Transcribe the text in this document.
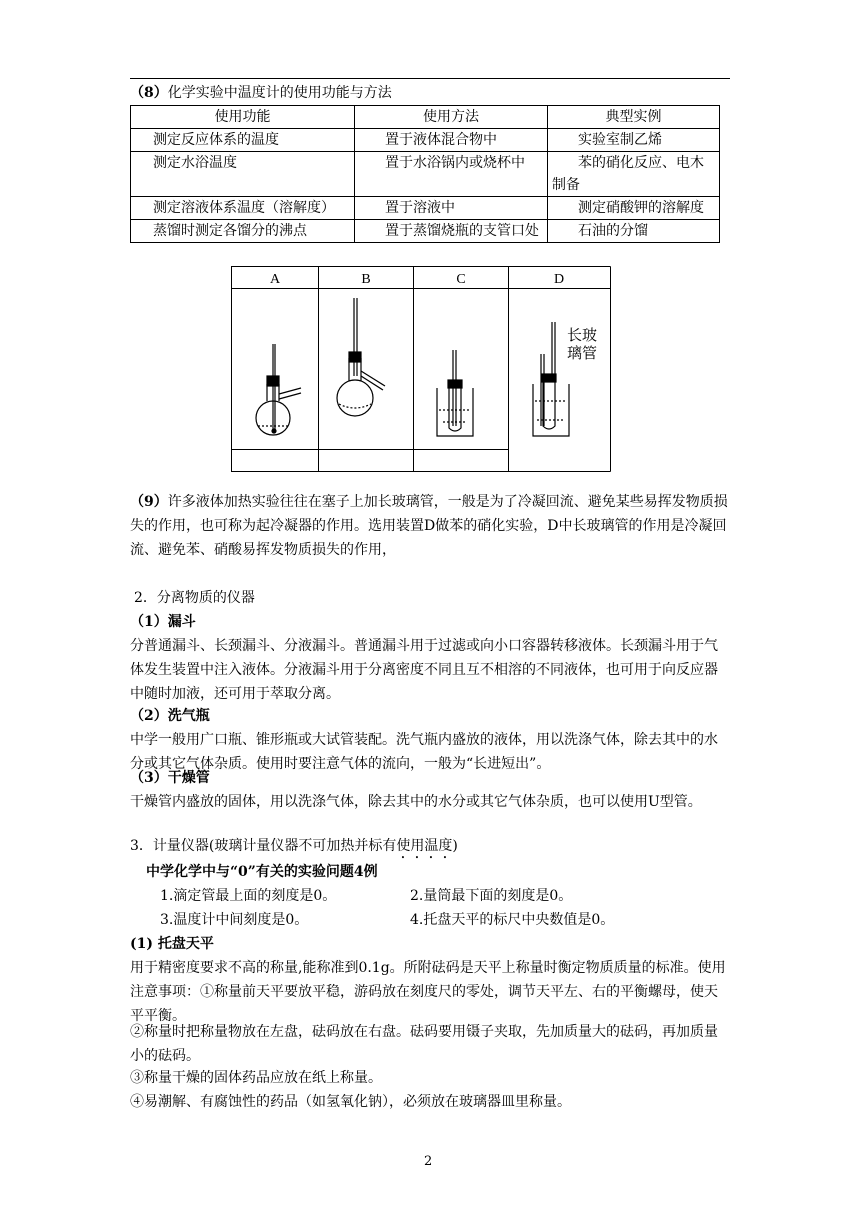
（8）化学实验中温度计的使用功能与方法
使用功能	使用方法	典型实例
测定反应体系的温度	置于液体混合物中	实验室制乙烯
测定水浴温度	置于水浴锅内或烧杯中	苯的硝化反应、电木制备
测定溶液体系温度（溶解度）	置于溶液中	测定硝酸钾的溶解度
蒸馏时测定各馏分的沸点	置于蒸馏烧瓶的支管口处	石油的分馏
A	B	C	D
长玻
璃管
（9）许多液体加热实验往往在塞子上加长玻璃管，一般是为了冷凝回流、避免某些易挥发物质损失的作用，也可称为起冷凝器的作用。选用装置D做苯的硝化实验，D中长玻璃管的作用是冷凝回流、避免苯、硝酸易挥发物质损失的作用，
2．分离物质的仪器
（1）漏斗
分普通漏斗、长颈漏斗、分液漏斗。普通漏斗用于过滤或向小口容器转移液体。长颈漏斗用于气体发生装置中注入液体。分液漏斗用于分离密度不同且互不相溶的不同液体，也可用于向反应器中随时加液，还可用于萃取分离。
（2）洗气瓶
中学一般用广口瓶、锥形瓶或大试管装配。洗气瓶内盛放的液体，用以洗涤气体，除去其中的水分或其它气体杂质。使用时要注意气体的流向，一般为“长进短出”。
（3）干燥管
干燥管内盛放的固体，用以洗涤气体，除去其中的水分或其它气体杂质，也可以使用U型管。
3．计量仪器(玻璃计量仪器不可加热并标有使用温度)
中学化学中与“0”有关的实验问题4例
1.滴定管最上面的刻度是0。	2.量筒最下面的刻度是0。
3.温度计中间刻度是0。	4.托盘天平的标尺中央数值是0。
(1) 托盘天平
用于精密度要求不高的称量,能称准到0.1g。所附砝码是天平上称量时衡定物质质量的标准。使用注意事项：①称量前天平要放平稳，游码放在刻度尺的零处，调节天平左、右的平衡螺母，使天平平衡。
②称量时把称量物放在左盘，砝码放在右盘。砝码要用镊子夹取，先加质量大的砝码，再加质量小的砝码。
③称量干燥的固体药品应放在纸上称量。
④易潮解、有腐蚀性的药品（如氢氧化钠），必须放在玻璃器皿里称量。
2
